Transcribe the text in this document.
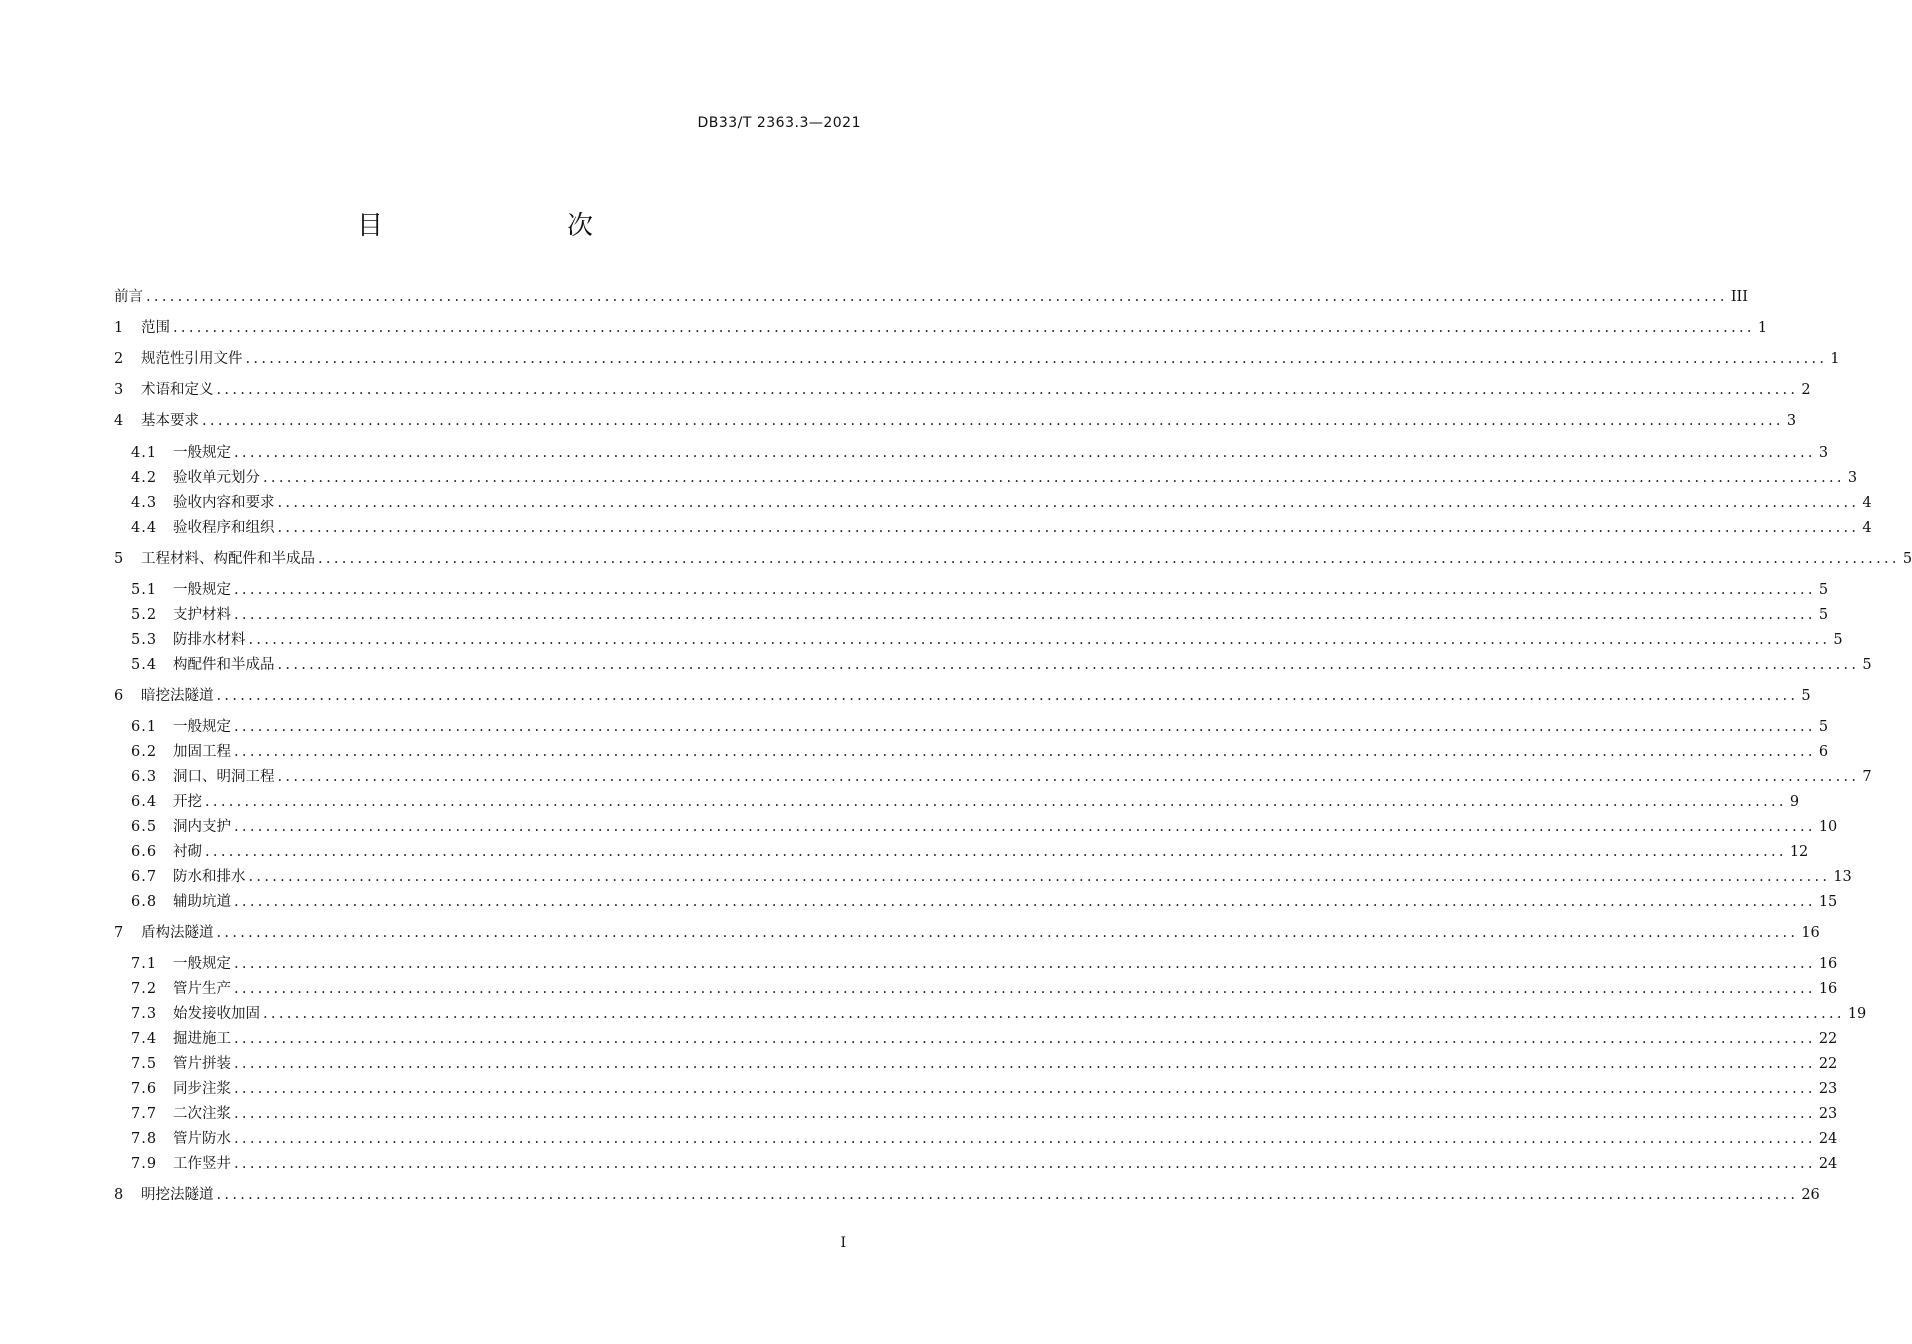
DB33/T 2363.3—2021
目　　次
前言 ........................................................................................................................................................................................................ III
1	范围 ........................................................................................................................................................................................................ 1
2	规范性引用文件 ........................................................................................................................................................................................................ 1
3	术语和定义 ........................................................................................................................................................................................................ 2
4	基本要求 ........................................................................................................................................................................................................ 3
4.1	一般规定 ........................................................................................................................................................................................................ 3
4.2	验收单元划分 ........................................................................................................................................................................................................ 3
4.3	验收内容和要求 ........................................................................................................................................................................................................ 4
4.4	验收程序和组织 ........................................................................................................................................................................................................ 4
5	工程材料、构配件和半成品 ........................................................................................................................................................................................................ 5
5.1	一般规定 ........................................................................................................................................................................................................ 5
5.2	支护材料 ........................................................................................................................................................................................................ 5
5.3	防排水材料 ........................................................................................................................................................................................................ 5
5.4	构配件和半成品 ........................................................................................................................................................................................................ 5
6	暗挖法隧道 ........................................................................................................................................................................................................ 5
6.1	一般规定 ........................................................................................................................................................................................................ 5
6.2	加固工程 ........................................................................................................................................................................................................ 6
6.3	洞口、明洞工程 ........................................................................................................................................................................................................ 7
6.4	开挖 ........................................................................................................................................................................................................ 9
6.5	洞内支护 ........................................................................................................................................................................................................ 10
6.6	衬砌 ........................................................................................................................................................................................................ 12
6.7	防水和排水 ........................................................................................................................................................................................................ 13
6.8	辅助坑道 ........................................................................................................................................................................................................ 15
7	盾构法隧道 ........................................................................................................................................................................................................ 16
7.1	一般规定 ........................................................................................................................................................................................................ 16
7.2	管片生产 ........................................................................................................................................................................................................ 16
7.3	始发接收加固 ........................................................................................................................................................................................................ 19
7.4	掘进施工 ........................................................................................................................................................................................................ 22
7.5	管片拼装 ........................................................................................................................................................................................................ 22
7.6	同步注浆 ........................................................................................................................................................................................................ 23
7.7	二次注浆 ........................................................................................................................................................................................................ 23
7.8	管片防水 ........................................................................................................................................................................................................ 24
7.9	工作竖井 ........................................................................................................................................................................................................ 24
8	明挖法隧道 ........................................................................................................................................................................................................ 26
I
